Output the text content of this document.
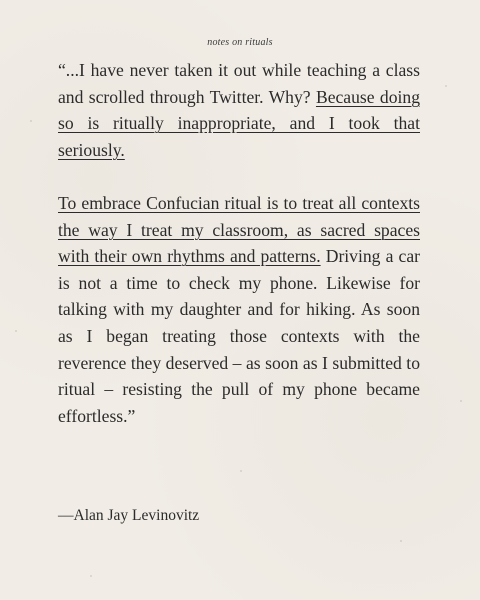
notes on rituals

“...I have never taken it out while teaching a class and scrolled through Twitter. Why? Because doing so is ritually inappropriate, and I took that seriously.

To embrace Confucian ritual is to treat all contexts the way I treat my classroom, as sacred spaces with their own rhythms and patterns. Driving a car is not a time to check my phone. Likewise for talking with my daughter and for hiking. As soon as I began treating those contexts with the reverence they deserved – as soon as I submitted to ritual – resisting the pull of my phone became effortless.”

—Alan Jay Levinovitz
